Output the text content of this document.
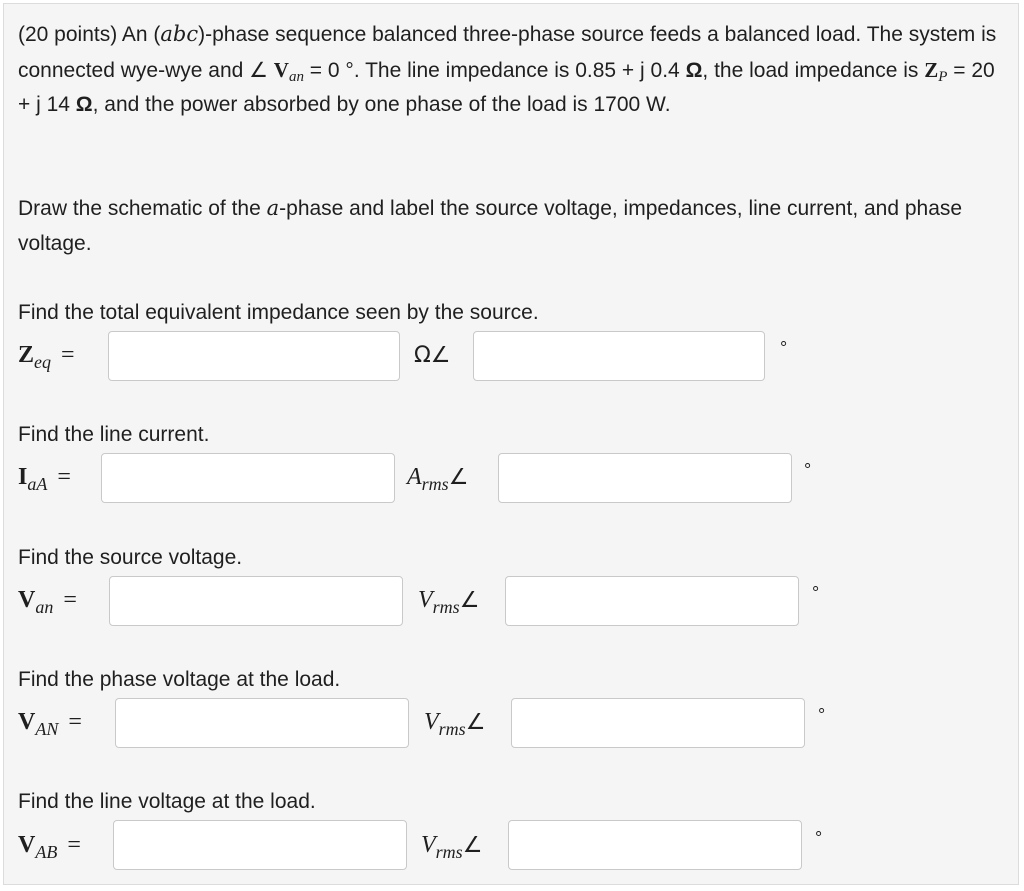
(20 points) An (abc)-phase sequence balanced three-phase source feeds a balanced load. The system is connected wye-wye and ∠ $V_{an} = 0$ °. The line impedance is 0.85 + j 0.4 Ω, the load impedance is $Z_P = 20 + j$ 14 Ω, and the power absorbed by one phase of the load is 1700 W.

Draw the schematic of the a-phase and label the source voltage, impedances, line current, and phase voltage.

Find the total equivalent impedance seen by the source.
$Z_{eq}$ =	Ω∠	°
Find the line current.
$I_{aA}$ =	$A_{rms}\angle$	°
Find the source voltage.
$V_{an}$ =	$V_{rms}\angle$	°
Find the phase voltage at the load.
$V_{AN}$ =	$V_{rms}\angle$	°
Find the line voltage at the load.
$V_{AB}$ =	$V_{rms}\angle$	°
